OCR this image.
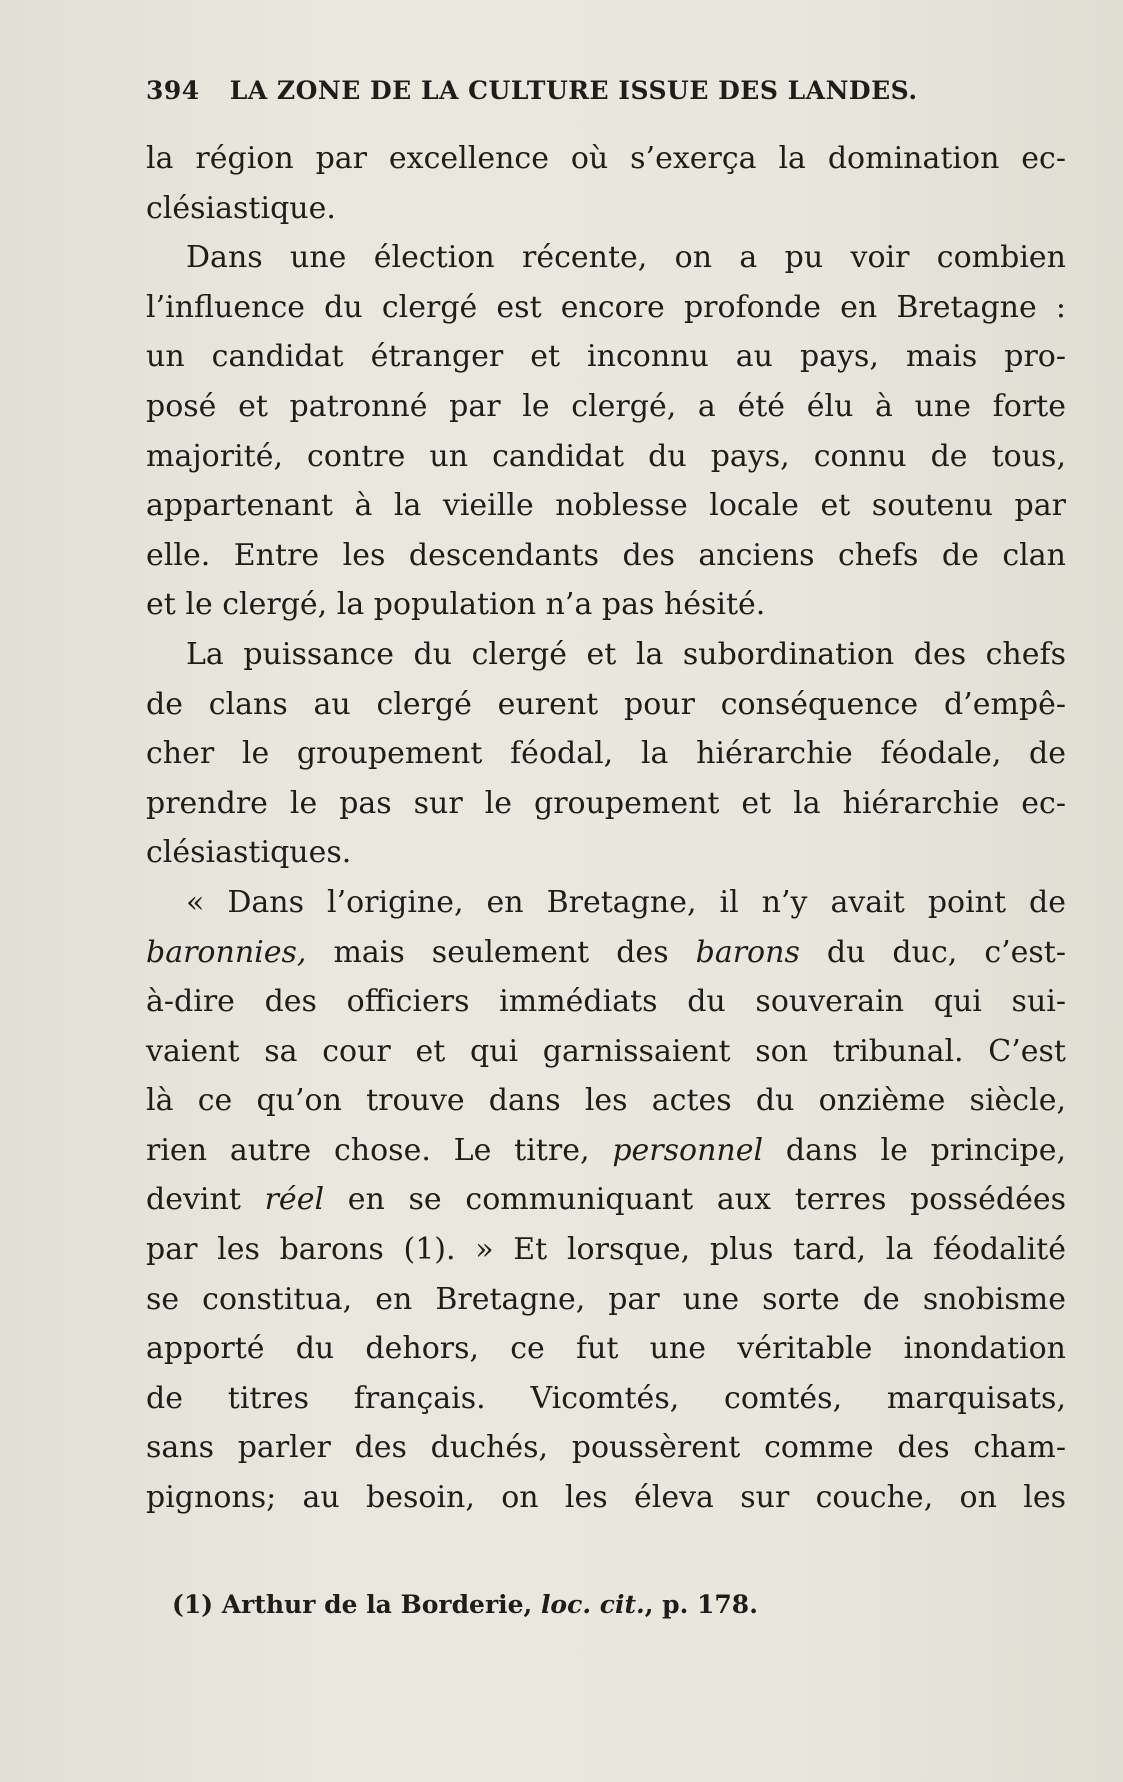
394 LA ZONE DE LA CULTURE ISSUE DES LANDES.
la région par excellence où s’exerça la domination ec-
clésiastique.
Dans une élection récente, on a pu voir combien
l’influence du clergé est encore profonde en Bretagne :
un candidat étranger et inconnu au pays, mais pro-
posé et patronné par le clergé, a été élu à une forte
majorité, contre un candidat du pays, connu de tous,
appartenant à la vieille noblesse locale et soutenu par
elle. Entre les descendants des anciens chefs de clan
et le clergé, la population n’a pas hésité.
La puissance du clergé et la subordination des chefs
de clans au clergé eurent pour conséquence d’empê-
cher le groupement féodal, la hiérarchie féodale, de
prendre le pas sur le groupement et la hiérarchie ec-
clésiastiques.
« Dans l’origine, en Bretagne, il n’y avait point de
baronnies, mais seulement des barons du duc, c’est-
à-dire des officiers immédiats du souverain qui sui-
vaient sa cour et qui garnissaient son tribunal. C’est
là ce qu’on trouve dans les actes du onzième siècle,
rien autre chose. Le titre, personnel dans le principe,
devint réel en se communiquant aux terres possédées
par les barons (1). » Et lorsque, plus tard, la féodalité
se constitua, en Bretagne, par une sorte de snobisme
apporté du dehors, ce fut une véritable inondation
de titres français. Vicomtés, comtés, marquisats,
sans parler des duchés, poussèrent comme des cham-
pignons; au besoin, on les éleva sur couche, on les
(1) Arthur de la Borderie, loc. cit., p. 178.
